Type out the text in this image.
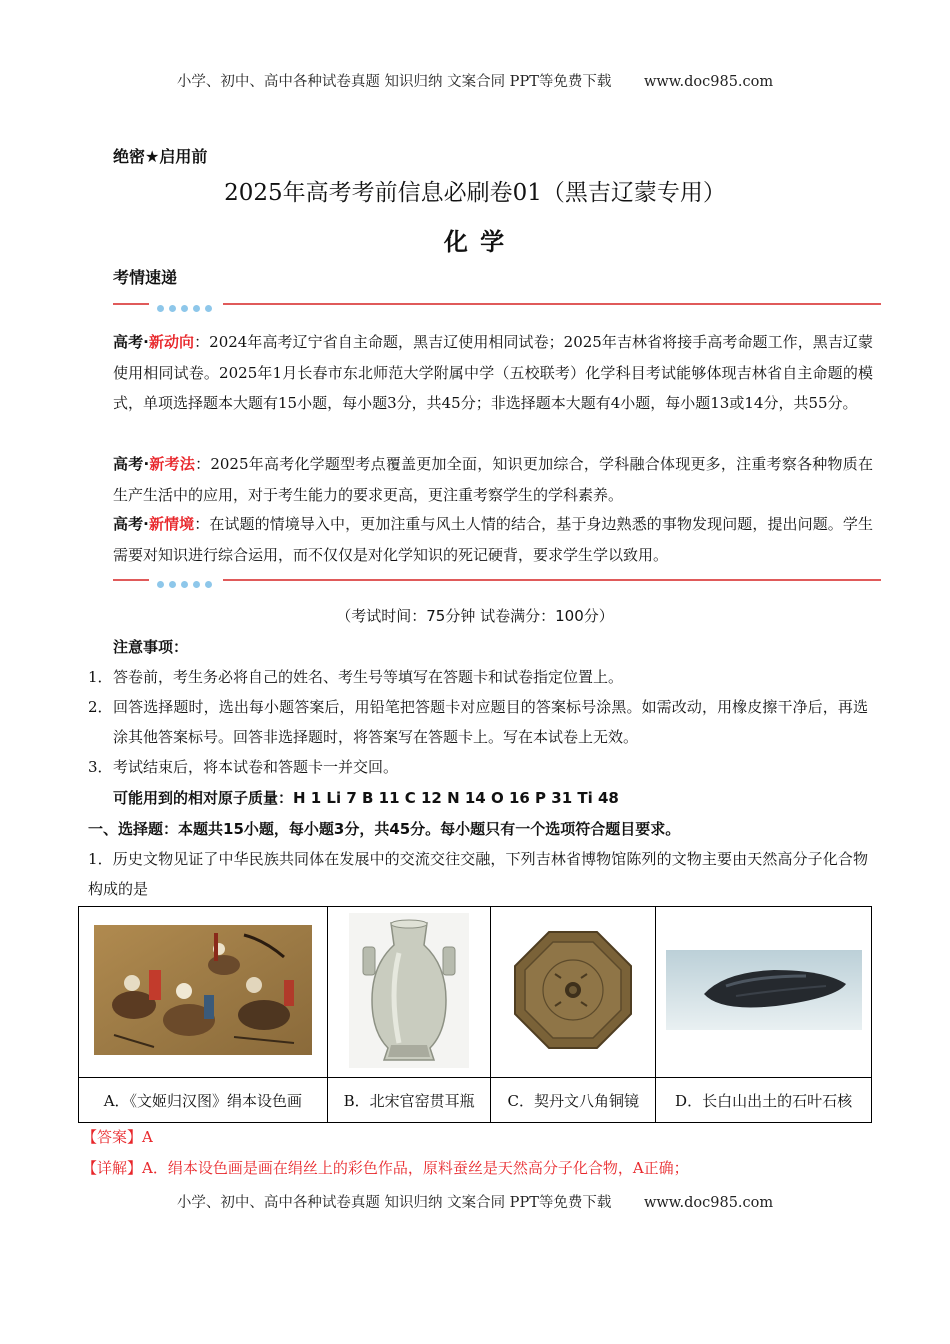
小学、初中、高中各种试卷真题 知识归纳 文案合同 PPT等免费下载 www.doc985.com
绝密★启用前
2025年高考考前信息必刷卷01（黑吉辽蒙专用）
化 学
考情速递
高考·新动向：2024年高考辽宁省自主命题，黑吉辽使用相同试卷；2025年吉林省将接手高考命题工作，黑吉辽蒙使用相同试卷。2025年1月长春市东北师范大学附属中学（五校联考）化学科目考试能够体现吉林省自主命题的模式，单项选择题本大题有15小题，每小题3分，共45分；非选择题本大题有4小题，每小题13或14分，共55分。
高考·新考法：2025年高考化学题型考点覆盖更加全面，知识更加综合，学科融合体现更多，注重考察各种物质在生产生活中的应用，对于考生能力的要求更高，更注重考察学生的学科素养。
高考·新情境：在试题的情境导入中，更加注重与风土人情的结合，基于身边熟悉的事物发现问题，提出问题。学生需要对知识进行综合运用，而不仅仅是对化学知识的死记硬背，要求学生学以致用。
（考试时间：75分钟 试卷满分：100分）
注意事项：
1． 答卷前，考生务必将自己的姓名、考生号等填写在答题卡和试卷指定位置上。
2． 回答选择题时，选出每小题答案后，用铅笔把答题卡对应题目的答案标号涂黑。如需改动，用橡皮擦干净后，再选涂其他答案标号。回答非选择题时，将答案写在答题卡上。写在本试卷上无效。
3． 考试结束后，将本试卷和答题卡一并交回。
可能用到的相对原子质量：H 1 Li 7 B 11 C 12 N 14 O 16 P 31 Ti 48
一、选择题：本题共15小题，每小题3分，共45分。每小题只有一个选项符合题目要求。
1．历史文物见证了中华民族共同体在发展中的交流交往交融，下列吉林省博物馆陈列的文物主要由天然高分子化合物构成的是

A．《文姬归汉图》绢本设色画	B．北宋官窑贯耳瓶	C．契丹文八角铜镜	D．长白山出土的石叶石核
【答案】A
【详解】A．绢本设色画是画在绢丝上的彩色作品，原料蚕丝是天然高分子化合物，A正确；
小学、初中、高中各种试卷真题 知识归纳 文案合同 PPT等免费下载 www.doc985.com
